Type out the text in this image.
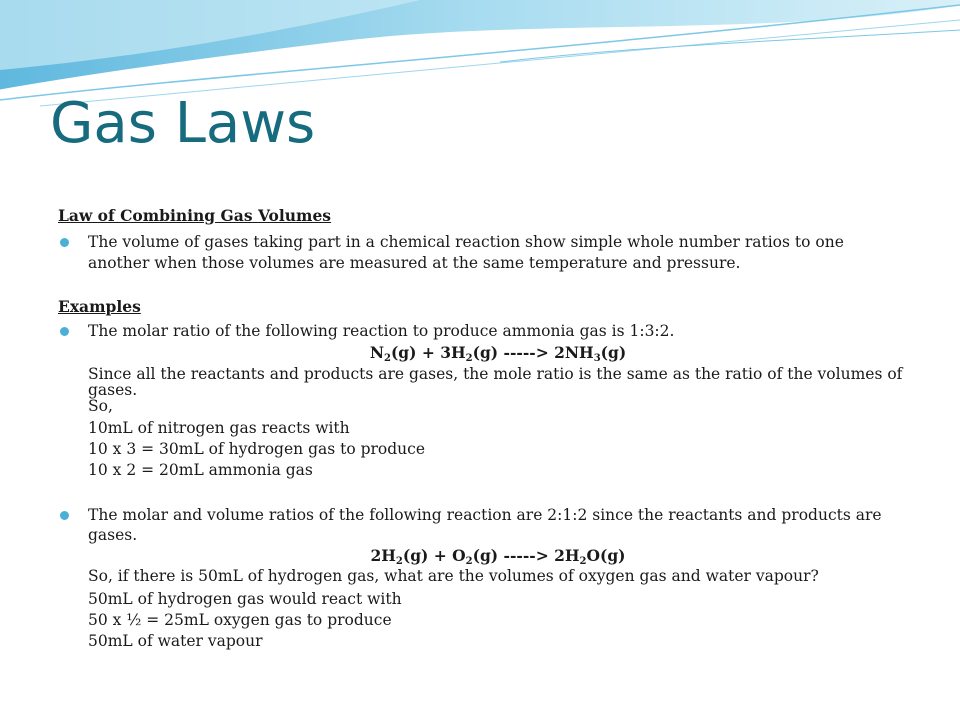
Gas Laws
Law of Combining Gas Volumes
The volume of gases taking part in a chemical reaction show simple whole number ratios to one another when those volumes are measured at the same temperature and pressure.
Examples
The molar ratio of the following reaction to produce ammonia gas is 1:3:2.
$N_2(g) + 3H_2(g)$ -----> $2NH_3(g)$
Since all the reactants and products are gases, the mole ratio is the same as the ratio of the volumes of gases.
So,
10mL of nitrogen gas reacts with
10 x 3 = 30mL of hydrogen gas to produce
10 x 2 = 20mL ammonia gas
The molar and volume ratios of the following reaction are 2:1:2 since the reactants and products are gases.
$2H_2(g) + O_2(g)$ -----> $2H_2O(g)$
So, if there is 50mL of hydrogen gas, what are the volumes of oxygen gas and water vapour?
50mL of hydrogen gas would react with
50 x ½ = 25mL oxygen gas to produce
50mL of water vapour
